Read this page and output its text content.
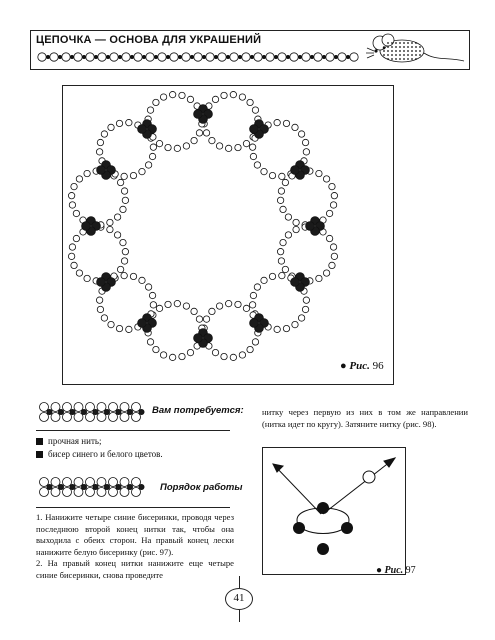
ЦЕПОЧКА — ОСНОВА ДЛЯ УКРАШЕНИЙ
● Рис. 96
Вам потребуется:
прочная нить;
бисер синего и белого цветов.
Порядок работы

1. Нанижите четыре синие бисеринки, проводя через последнюю второй конец нитки так, чтобы она выходила с обеих сторон. На правый конец лески нанижите белую бисеринку (рис. 97).

2. На правый конец нитки нанижите еще четыре синие бисеринки, снова проведите

нитку через первую из них в том же направлении (нитка идет по кругу). Затяните нитку (рис. 98).
● Рис. 97
41
